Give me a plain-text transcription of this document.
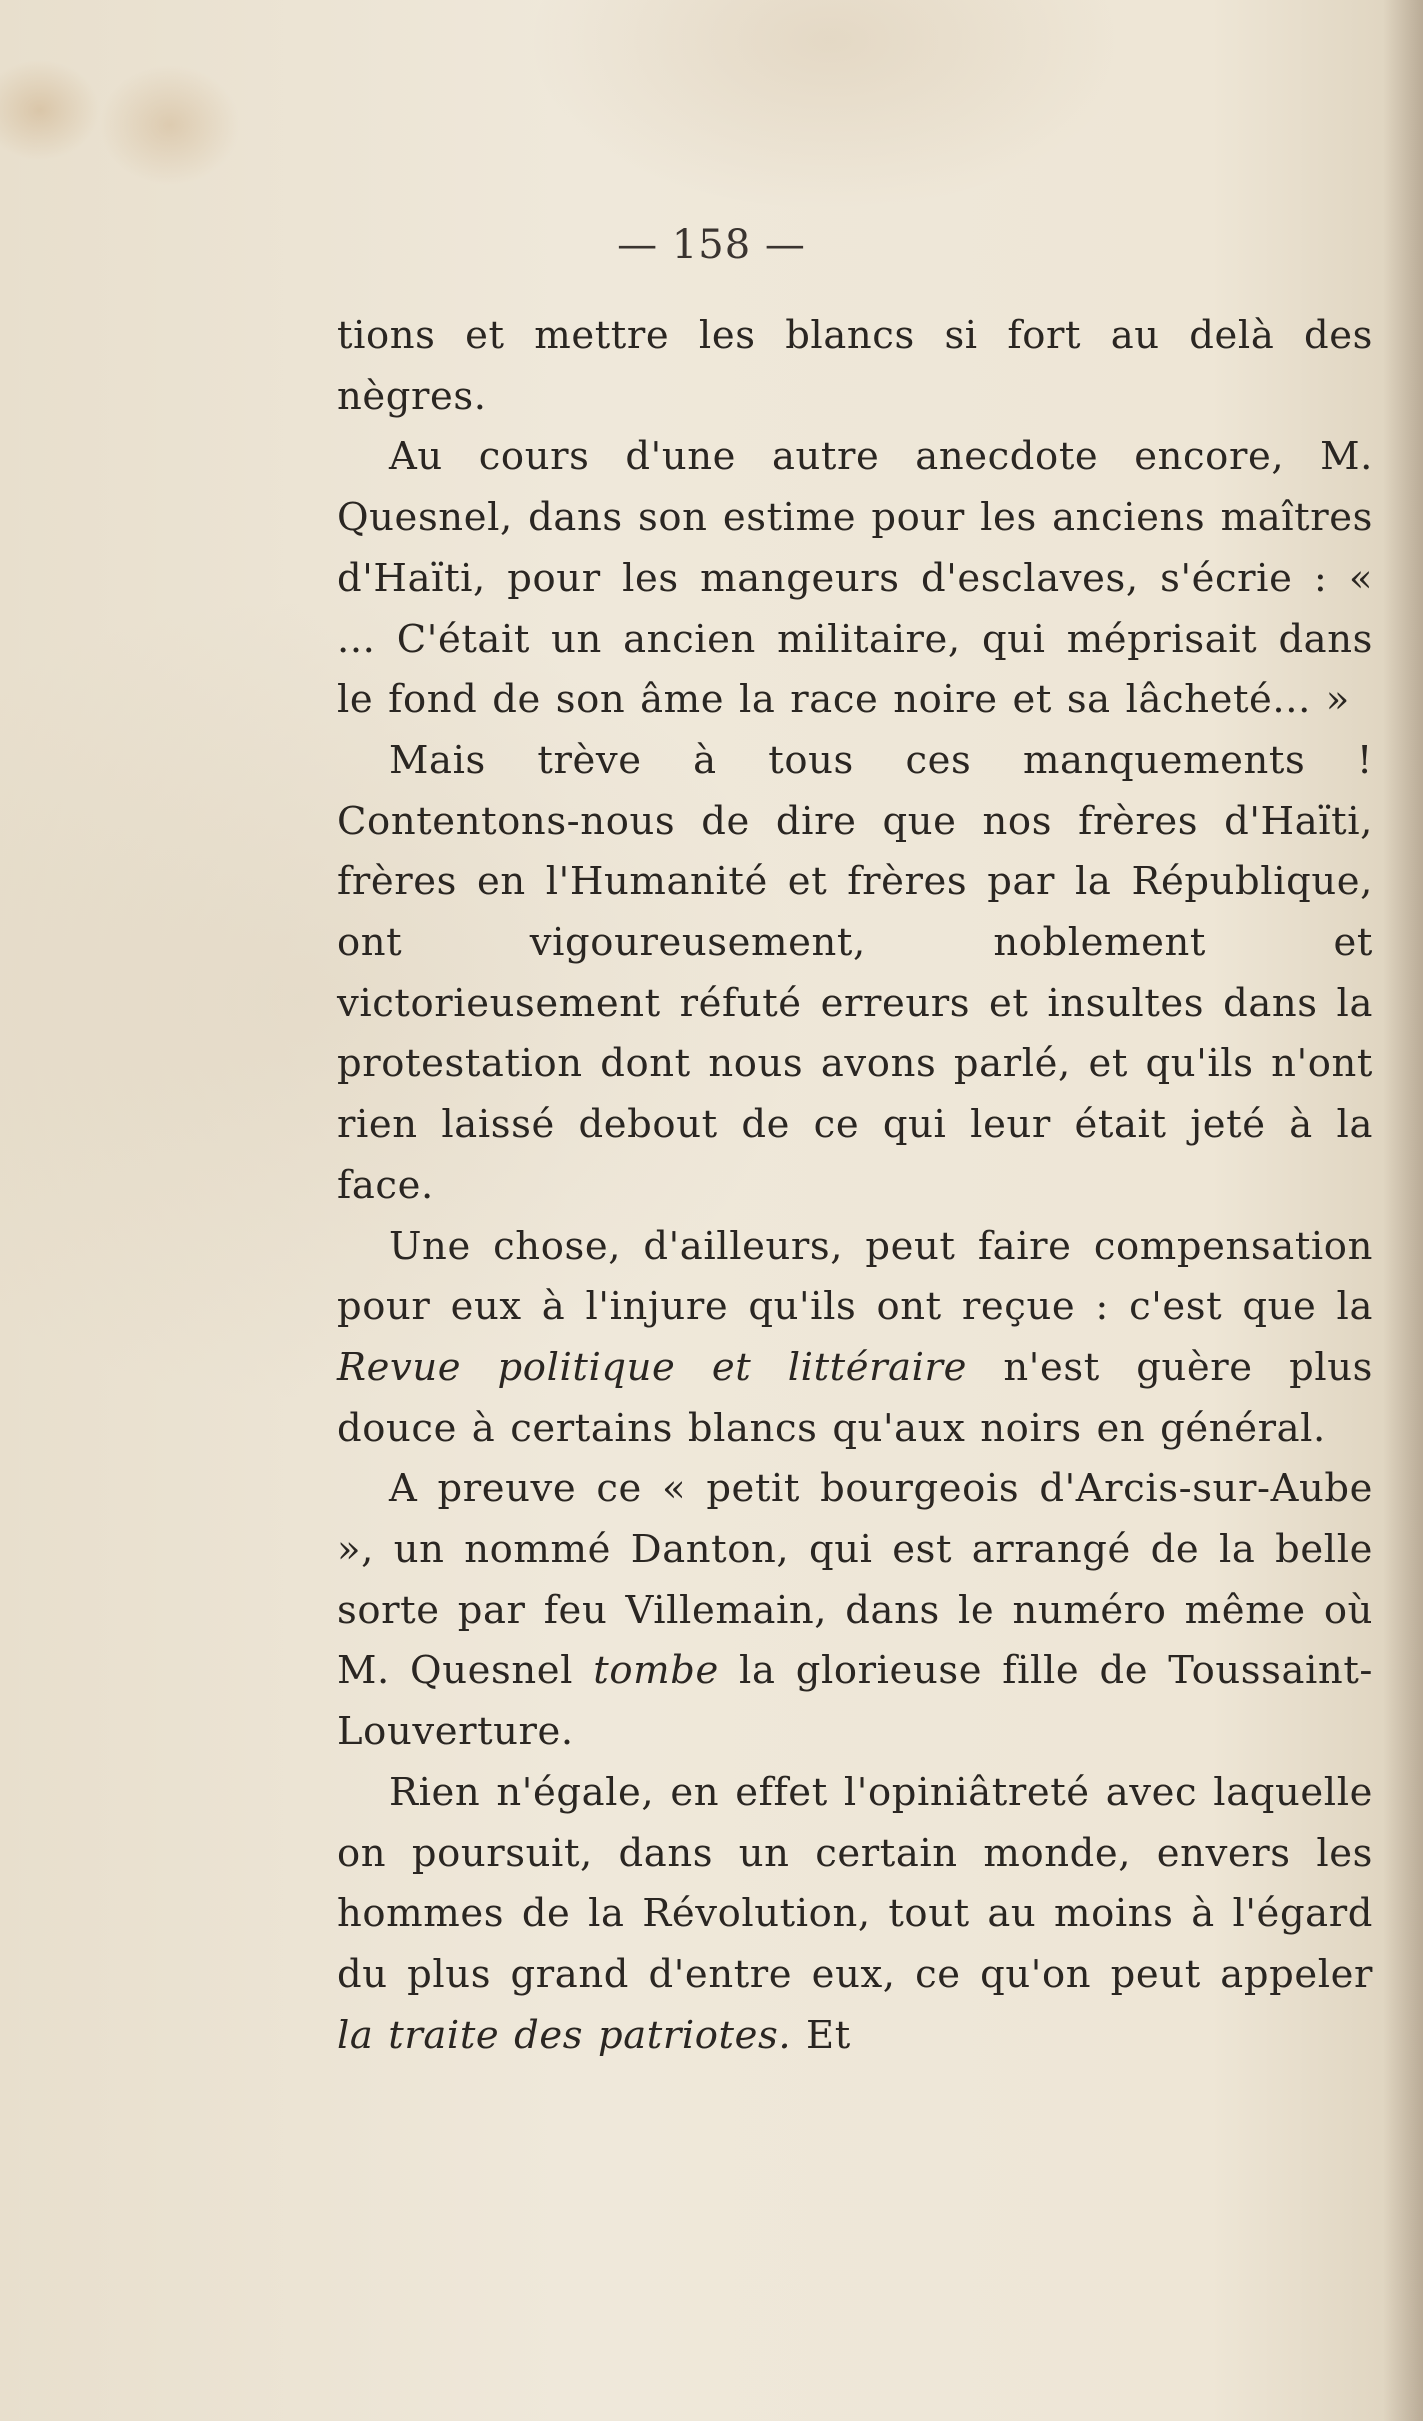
— 158 —

tions et mettre les blancs si fort au delà des nègres.

Au cours d'une autre anecdote encore, M. Quesnel, dans son estime pour les anciens maîtres d'Haïti, pour les mangeurs d'esclaves, s'écrie : « ... C'était un ancien militaire, qui méprisait dans le fond de son âme la race noire et sa lâcheté... »

Mais trève à tous ces manquements ! Contentons-nous de dire que nos frères d'Haïti, frères en l'Humanité et frères par la République, ont vigoureusement, noblement et victorieusement réfuté erreurs et insultes dans la protestation dont nous avons parlé, et qu'ils n'ont rien laissé debout de ce qui leur était jeté à la face.

Une chose, d'ailleurs, peut faire compensation pour eux à l'injure qu'ils ont reçue : c'est que la Revue politique et littéraire n'est guère plus douce à certains blancs qu'aux noirs en général.

A preuve ce « petit bourgeois d'Arcis-sur-Aube », un nommé Danton, qui est arrangé de la belle sorte par feu Villemain, dans le numéro même où M. Quesnel tombe la glorieuse fille de Toussaint-Louverture.

Rien n'égale, en effet l'opiniâtreté avec laquelle on poursuit, dans un certain monde, envers les hommes de la Révolution, tout au moins à l'égard du plus grand d'entre eux, ce qu'on peut appeler la traite des patriotes. Et
